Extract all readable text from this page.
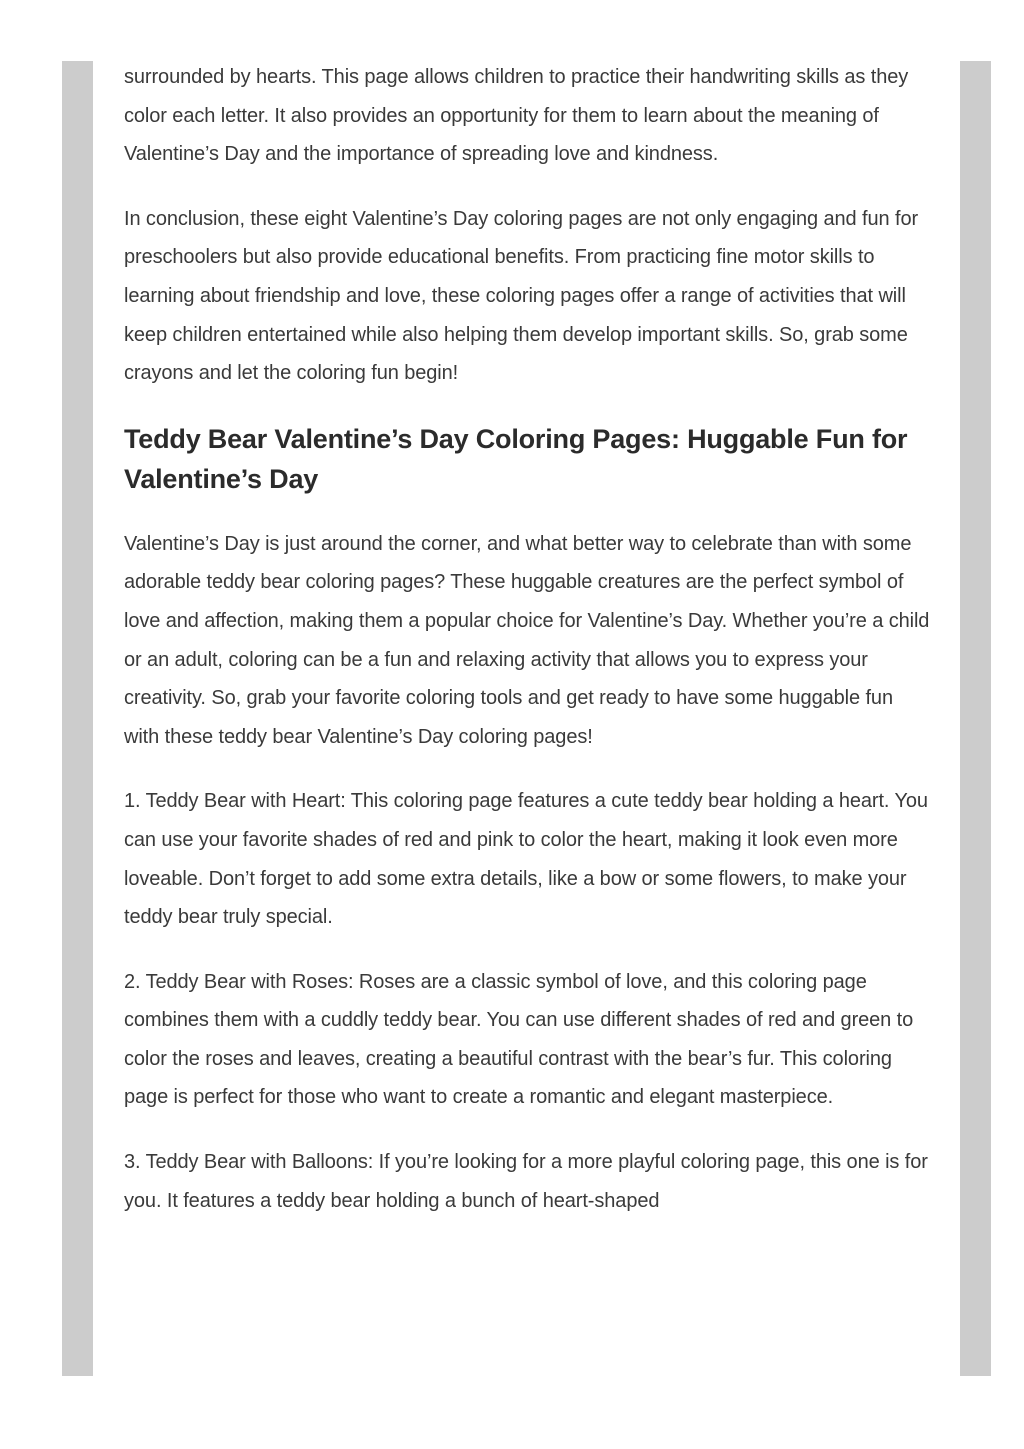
surrounded by hearts. This page allows children to practice their handwriting skills as they color each letter. It also provides an opportunity for them to learn about the meaning of Valentine’s Day and the importance of spreading love and kindness.

In conclusion, these eight Valentine’s Day coloring pages are not only engaging and fun for preschoolers but also provide educational benefits. From practicing fine motor skills to learning about friendship and love, these coloring pages offer a range of activities that will keep children entertained while also helping them develop important skills. So, grab some crayons and let the coloring fun begin!

Teddy Bear Valentine’s Day Coloring Pages: Huggable Fun for Valentine’s Day

Valentine’s Day is just around the corner, and what better way to celebrate than with some adorable teddy bear coloring pages? These huggable creatures are the perfect symbol of love and affection, making them a popular choice for Valentine’s Day. Whether you’re a child or an adult, coloring can be a fun and relaxing activity that allows you to express your creativity. So, grab your favorite coloring tools and get ready to have some huggable fun with these teddy bear Valentine’s Day coloring pages!

1. Teddy Bear with Heart: This coloring page features a cute teddy bear holding a heart. You can use your favorite shades of red and pink to color the heart, making it look even more loveable. Don’t forget to add some extra details, like a bow or some flowers, to make your teddy bear truly special.

2. Teddy Bear with Roses: Roses are a classic symbol of love, and this coloring page combines them with a cuddly teddy bear. You can use different shades of red and green to color the roses and leaves, creating a beautiful contrast with the bear’s fur. This coloring page is perfect for those who want to create a romantic and elegant masterpiece.

3. Teddy Bear with Balloons: If you’re looking for a more playful coloring page, this one is for you. It features a teddy bear holding a bunch of heart-shaped
